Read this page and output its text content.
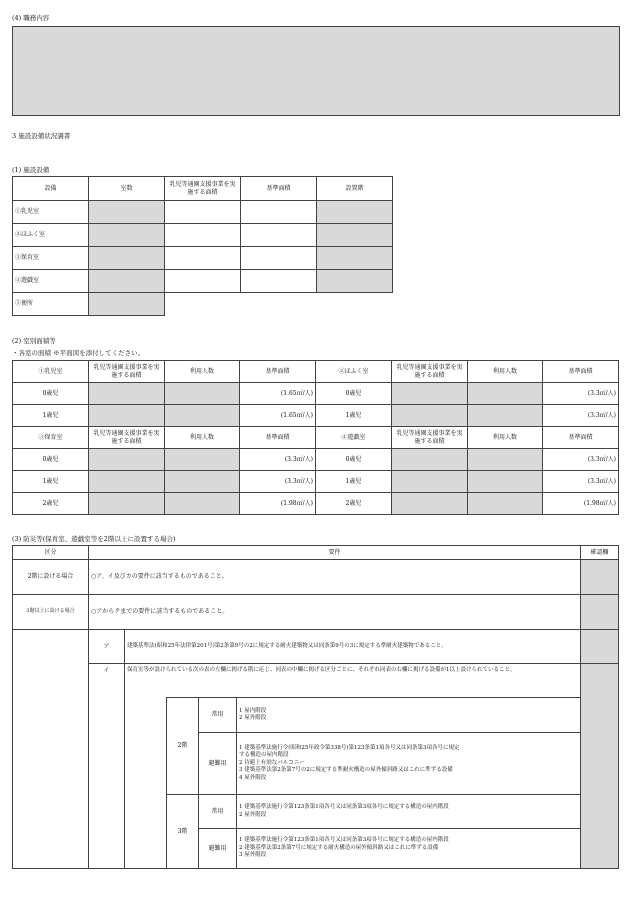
(4) 職務内容
3 施設設備状況調書
(1) 施設設備
設備	室数	乳児等通園支援事業を実施する面積	基準面積	設置階
①乳児室				
②ほふく室				
③保育室				
④遊戯室				
⑤便所				
(2) 室別面積等
・各室の面積 ※平面図を添付してください。
①乳児室	乳児等通園支援事業を実施する面積	利用人数	基準面積	②ほふく室	乳児等通園支援事業を実施する面積	利用人数	基準面積
0歳児			(1.65㎡/人)	0歳児			(3.3㎡/人)
1歳児			(1.65㎡/人)	1歳児			(3.3㎡/人)
③保育室	乳児等通園支援事業を実施する面積	利用人数	基準面積	④遊戯室	乳児等通園支援事業を実施する面積	利用人数	基準面積
0歳児			(3.3㎡/人)	0歳児			(3.3㎡/人)
1歳児			(3.3㎡/人)	1歳児			(3.3㎡/人)
2歳児			(1.98㎡/人)	2歳児			(1.98㎡/人)
(3) 防災等(保育室、遊戯室等を2階以上に設置する場合)
区分	要件					確認欄
2階に設ける場合	○ア、イ及びカの要件に該当するものであること。					
3階以上に設ける場合	○アからクまでの要件に該当するものであること。					
	ア	建築基準法(昭和25年法律第201号)第2条第9号の2に規定する耐火建築物又は同条第9号の3に規定する準耐火建築物であること。				
	イ	保育室等が設けられている次の表の左欄に掲げる階に応じ、同表の中欄に掲げる区分ごとに、それぞれ同表の右欄に掲げる設備が1以上設けられていること。				
			2階	常用	1 屋内階段
2 屋外階段	

				避難用	1 建築基準法施行令(昭和25年政令第338号)第123条第1項各号又は同条第3項各号に規定
する構造の屋内階段
2 待避上有効なバルコニー
3 建築基準法第2条第7号の2に規定する準耐火構造の屋外傾斜路又はこれに準ずる設備
4 屋外階段	

			3階	常用	1 建築基準法施行令第123条第1項各号又は同条第3項各号に規定する構造の屋内階段
2 屋外階段	

				避難用	1 建築基準法施行令第123条第1項各号又は同条第3項各号に規定する構造の屋内階段
2 建築基準法第2条第7号に規定する耐火構造の屋外傾斜路又はこれに準ずる設備
3 屋外階段	
